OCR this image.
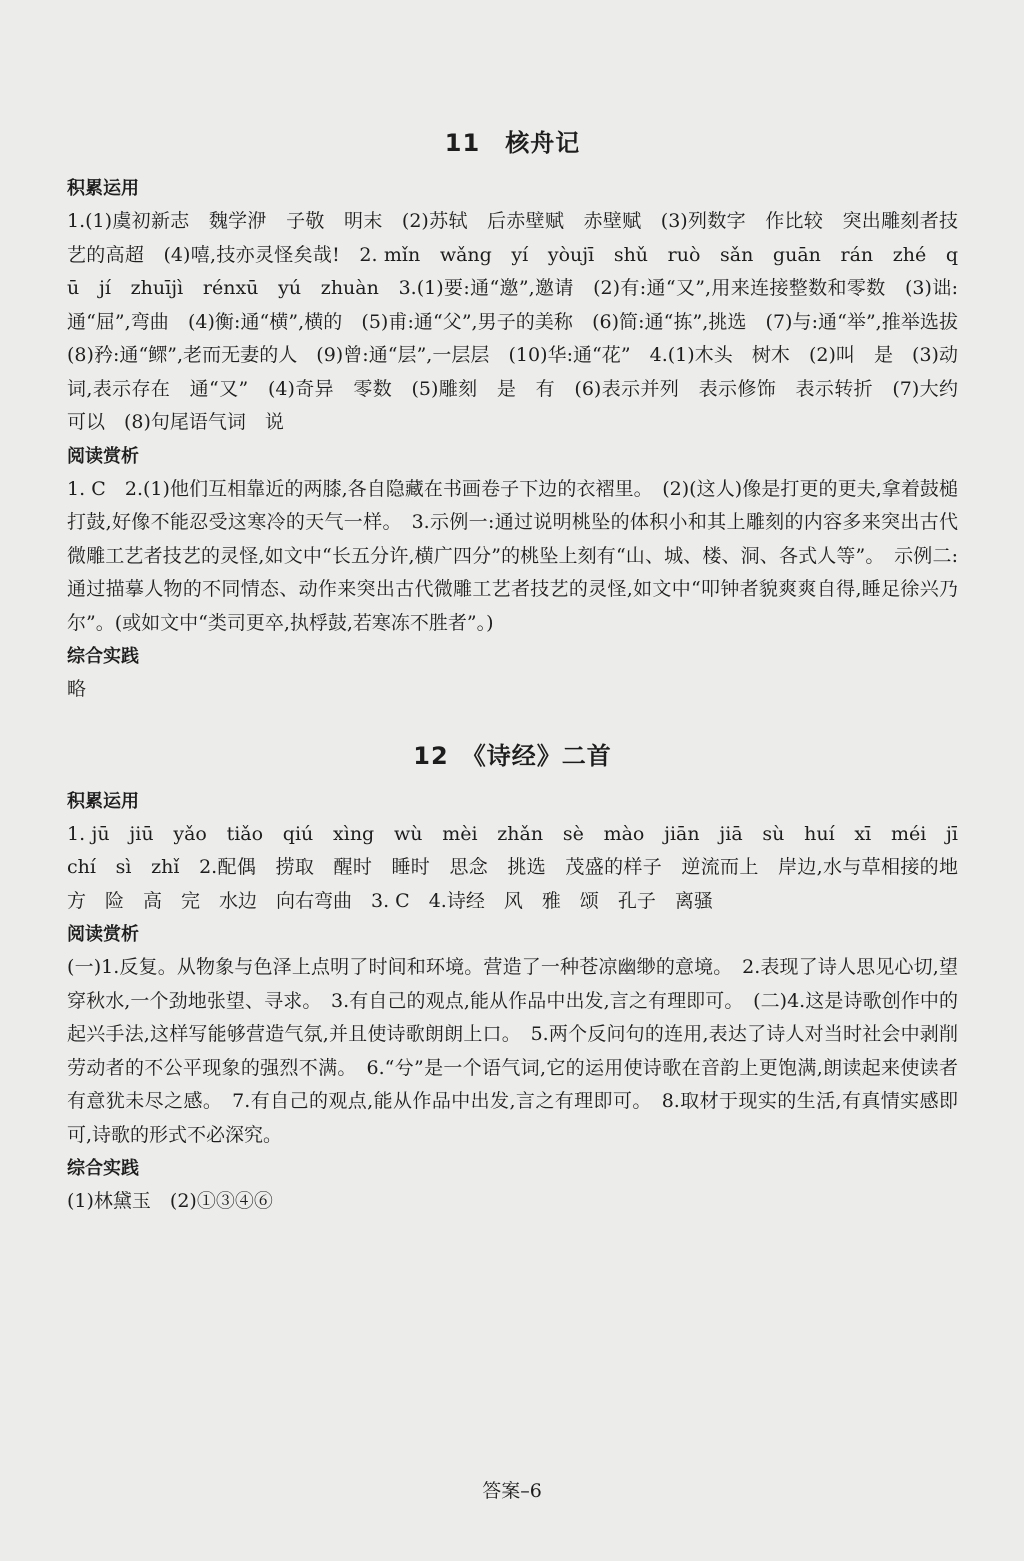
11　核舟记
积累运用

1.(1)虞初新志　魏学洢　子敬　明末　(2)苏轼　后赤壁赋　赤壁赋　(3)列数字　作比较　突出雕刻者技艺的高超　(4)嘻,技亦灵怪矣哉!　2. mǐn　wǎng　yí　yòujī　shǔ　ruò　sǎn　guān　rán　zhé　qū　jí　zhuījì　rénxū　yú　zhuàn　3.(1)要:通“邀”,邀请　(2)有:通“又”,用来连接整数和零数　(3)诎:通“屈”,弯曲　(4)衡:通“横”,横的　(5)甫:通“父”,男子的美称　(6)简:通“拣”,挑选　(7)与:通“举”,推举选拔　(8)矜:通“鳏”,老而无妻的人　(9)曾:通“层”,一层层　(10)华:通“花”　4.(1)木头　树木　(2)叫　是　(3)动词,表示存在　通“又”　(4)奇异　零数　(5)雕刻　是　有　(6)表示并列　表示修饰　表示转折　(7)大约　可以　(8)句尾语气词　说

阅读赏析

1. C　2.(1)他们互相靠近的两膝,各自隐藏在书画卷子下边的衣褶里。　(2)(这人)像是打更的更夫,拿着鼓槌打鼓,好像不能忍受这寒冷的天气一样。　3.示例一:通过说明桃坠的体积小和其上雕刻的内容多来突出古代微雕工艺者技艺的灵怪,如文中“长五分许,横广四分”的桃坠上刻有“山、城、楼、洞、各式人等”。　示例二:通过描摹人物的不同情态、动作来突出古代微雕工艺者技艺的灵怪,如文中“叩钟者貌爽爽自得,睡足徐兴乃尔”。(或如文中“类司更卒,执桴鼓,若寒冻不胜者”。)

综合实践

略

12　《诗经》二首
积累运用

1. jū　jiū　yǎo　tiǎo　qiú　xìng　wù　mèi　zhǎn　sè　mào　jiān　jiā　sù　huí　xī　méi　jī　chí　sì　zhǐ　2.配偶　捞取　醒时　睡时　思念　挑选　茂盛的样子　逆流而上　岸边,水与草相接的地方　险　高　完　水边　向右弯曲　3. C　4.诗经　风　雅　颂　孔子　离骚

阅读赏析

(一)1.反复。从物象与色泽上点明了时间和环境。营造了一种苍凉幽缈的意境。　2.表现了诗人思见心切,望穿秋水,一个劲地张望、寻求。　3.有自己的观点,能从作品中出发,言之有理即可。　(二)4.这是诗歌创作中的起兴手法,这样写能够营造气氛,并且使诗歌朗朗上口。　5.两个反问句的连用,表达了诗人对当时社会中剥削劳动者的不公平现象的强烈不满。　6.“兮”是一个语气词,它的运用使诗歌在音韵上更饱满,朗读起来使读者有意犹未尽之感。　7.有自己的观点,能从作品中出发,言之有理即可。　8.取材于现实的生活,有真情实感即可,诗歌的形式不必深究。

综合实践

(1)林黛玉　(2)①③④⑥

答案–6
